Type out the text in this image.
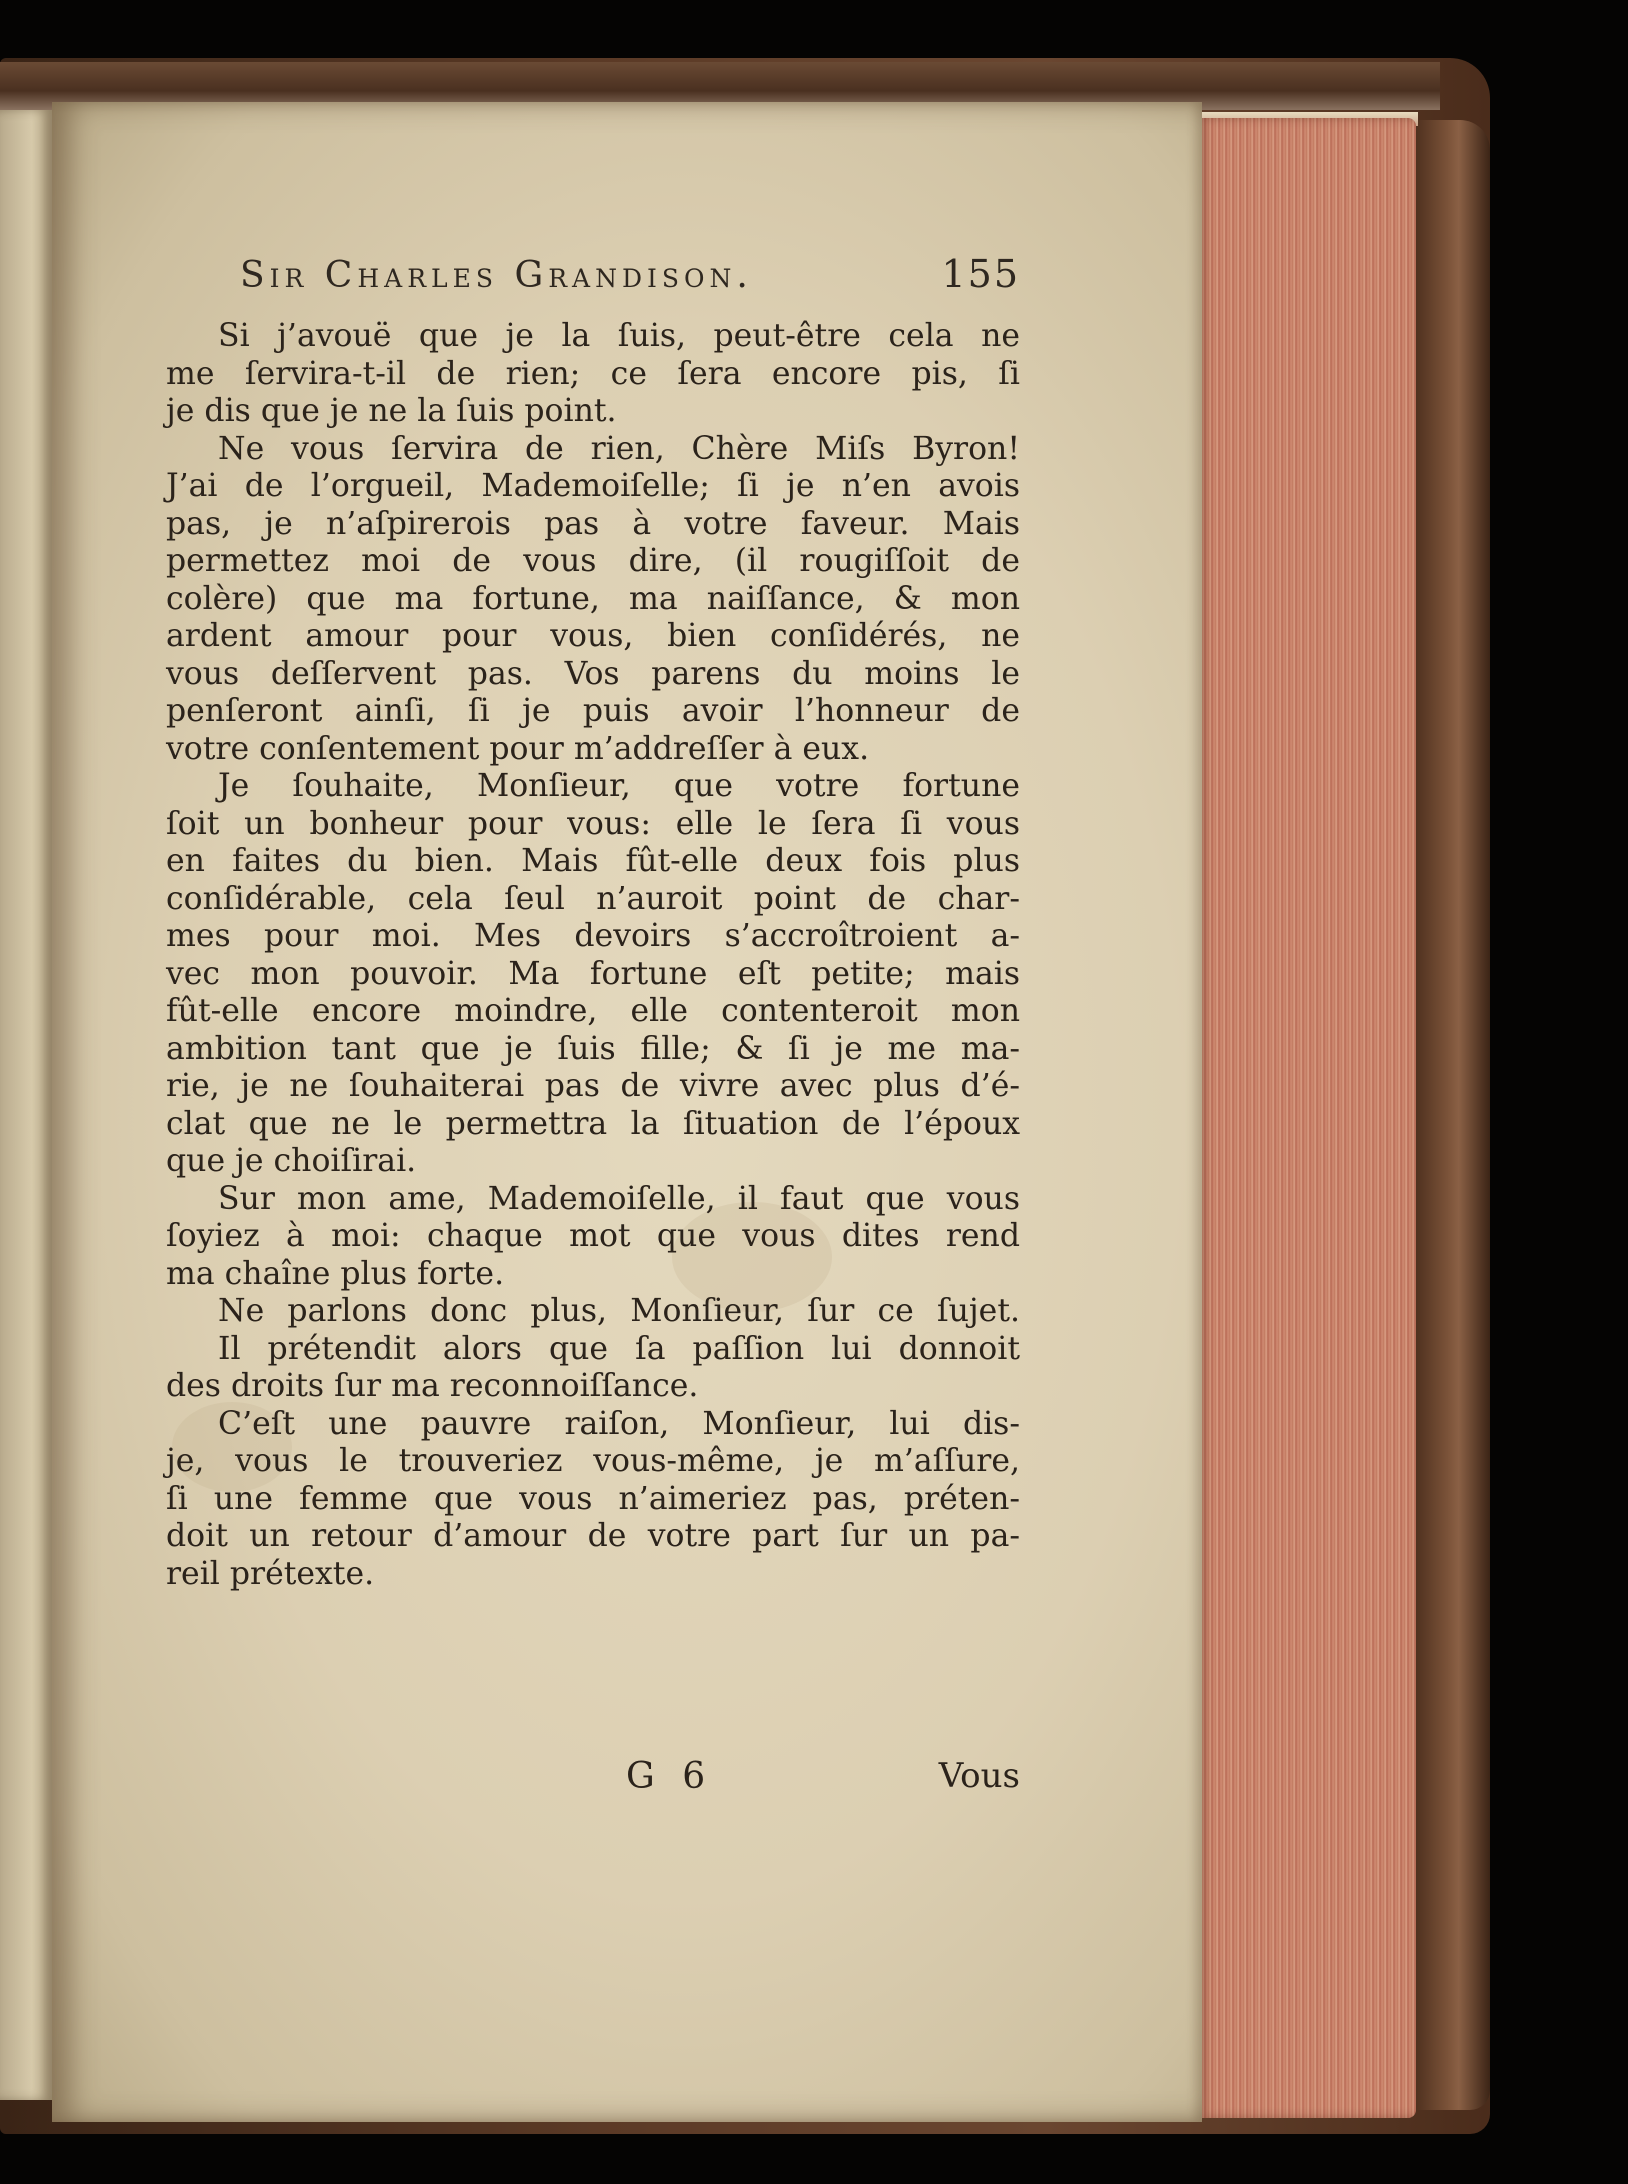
Sir Charles Grandison.	155
Si j’avouë que je la ſuis, peut-être cela ne
me ſervira-t-il de rien; ce ſera encore pis, ſi
je dis que je ne la ſuis point.
Ne vous ſervira de rien, Chère Miſs Byron!
J’ai de l’orgueil, Mademoiſelle; ſi je n’en avois
pas, je n’aſpirerois pas à votre faveur. Mais
permettez moi de vous dire, (il rougiſſoit de
colère) que ma fortune, ma naiſſance, & mon
ardent amour pour vous, bien conſidérés, ne
vous deſſervent pas. Vos parens du moins le
penſeront ainſi, ſi je puis avoir l’honneur de
votre conſentement pour m’addreſſer à eux.
Je ſouhaite, Monſieur, que votre fortune
ſoit un bonheur pour vous: elle le ſera ſi vous
en faites du bien. Mais fût-elle deux fois plus
conſidérable, cela ſeul n’auroit point de char-
mes pour moi. Mes devoirs s’accroîtroient a-
vec mon pouvoir. Ma fortune eſt petite; mais
fût-elle encore moindre, elle contenteroit mon
ambition tant que je ſuis fille; & ſi je me ma-
rie, je ne ſouhaiterai pas de vivre avec plus d’é-
clat que ne le permettra la ſituation de l’époux
que je choiſirai.
Sur mon ame, Mademoiſelle, il faut que vous
ſoyiez à moi: chaque mot que vous dites rend
ma chaîne plus forte.
Ne parlons donc plus, Monſieur, ſur ce ſujet.
Il prétendit alors que ſa paſſion lui donnoit
des droits ſur ma reconnoiſſance.
C’eſt une pauvre raiſon, Monſieur, lui dis-
je, vous le trouveriez vous-même, je m’aſſure,
ſi une femme que vous n’aimeriez pas, préten-
doit un retour d’amour de votre part ſur un pa-
reil prétexte.
G 6	Vous
